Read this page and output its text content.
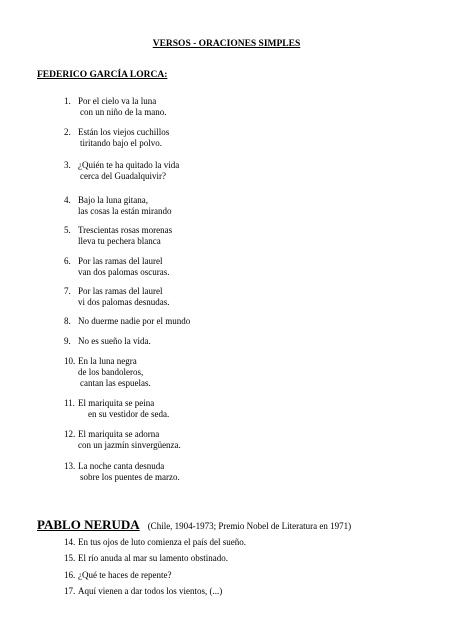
VERSOS - ORACIONES SIMPLES
FEDERICO GARCÍA LORCA:
1. Por el cielo va la luna
con un niño de la mano.
2. Están los viejos cuchillos
tiritando bajo el polvo.
3. ¿Quién te ha quitado la vida
cerca del Guadalquivir?
4. Bajo la luna gitana,
las cosas la están mirando
5. Trescientas rosas morenas
lleva tu pechera blanca
6. Por las ramas del laurel
van dos palomas oscuras.
7. Por las ramas del laurel
vi dos palomas desnudas.
8. No duerme nadie por el mundo
9. No es sueño la vida.
10. En la luna negra
de los bandoleros,
cantan las espuelas.
11. El mariquita se peina
en su vestidor de seda.
12. El mariquita se adorna
con un jazmín sinvergüenza.
13. La noche canta desnuda
sobre los puentes de marzo.
PABLO NERUDA (Chile, 1904-1973; Premio Nobel de Literatura en 1971)
14. En tus ojos de luto comienza el país del sueño.
15. El río anuda al mar su lamento obstinado.
16. ¿Qué te haces de repente?
17. Aquí vienen a dar todos los vientos, (...)
